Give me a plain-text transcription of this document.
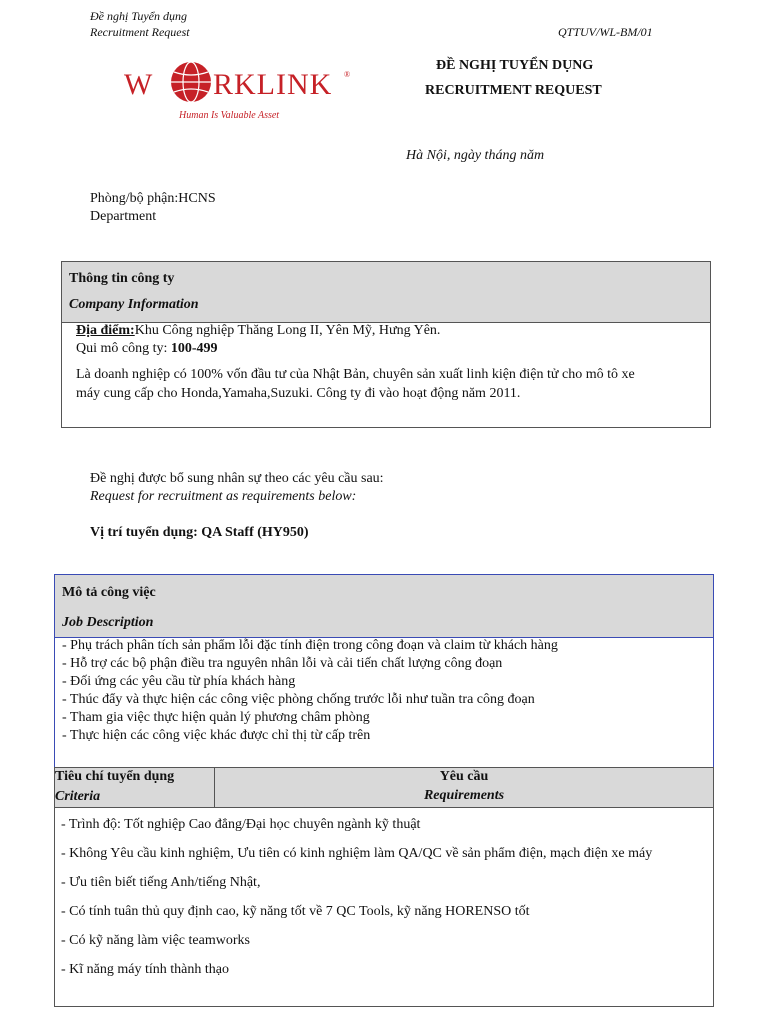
Đề nghị Tuyển dụng
Recruitment Request	QTTUV/WL-BM/01
W RKLINK ®
Human Is Valuable Asset
ĐỀ NGHỊ TUYỂN DỤNG
RECRUITMENT REQUEST
Hà Nội, ngày tháng năm
Phòng/bộ phận:HCNS
Department
Thông tin công ty
Company Information
Địa điểm:Khu Công nghiệp Thăng Long II, Yên Mỹ, Hưng Yên.
Qui mô công ty: 100-499
Là doanh nghiệp có 100% vốn đầu tư của Nhật Bản, chuyên sản xuất linh kiện điện tử cho mô tô xe
máy cung cấp cho Honda,Yamaha,Suzuki. Công ty đi vào hoạt động năm 2011.
Đề nghị được bổ sung nhân sự theo các yêu cầu sau:
Request for recruitment as requirements below:
Vị trí tuyển dụng: QA Staff (HY950)
Mô tả công việc
Job Description
- Phụ trách phân tích sản phẩm lỗi đặc tính điện trong công đoạn và claim từ khách hàng
- Hỗ trợ các bộ phận điều tra nguyên nhân lỗi và cải tiến chất lượng công đoạn
- Đối ứng các yêu cầu từ phía khách hàng
- Thúc đẩy và thực hiện các công việc phòng chống trước lỗi như tuần tra công đoạn
- Tham gia việc thực hiện quản lý phương châm phòng
- Thực hiện các công việc khác được chỉ thị từ cấp trên
Tiêu chí tuyển dụng
Criteria
Yêu cầu
Requirements
- Trình độ: Tốt nghiệp Cao đẳng/Đại học chuyên ngành kỹ thuật
- Không Yêu cầu kinh nghiệm, Ưu tiên có kinh nghiệm làm QA/QC về sản phẩm điện, mạch điện xe máy
- Ưu tiên biết tiếng Anh/tiếng Nhật,
- Có tính tuân thủ quy định cao, kỹ năng tốt về 7 QC Tools, kỹ năng HORENSO tốt
- Có kỹ năng làm việc teamworks
- Kĩ năng máy tính thành thạo
